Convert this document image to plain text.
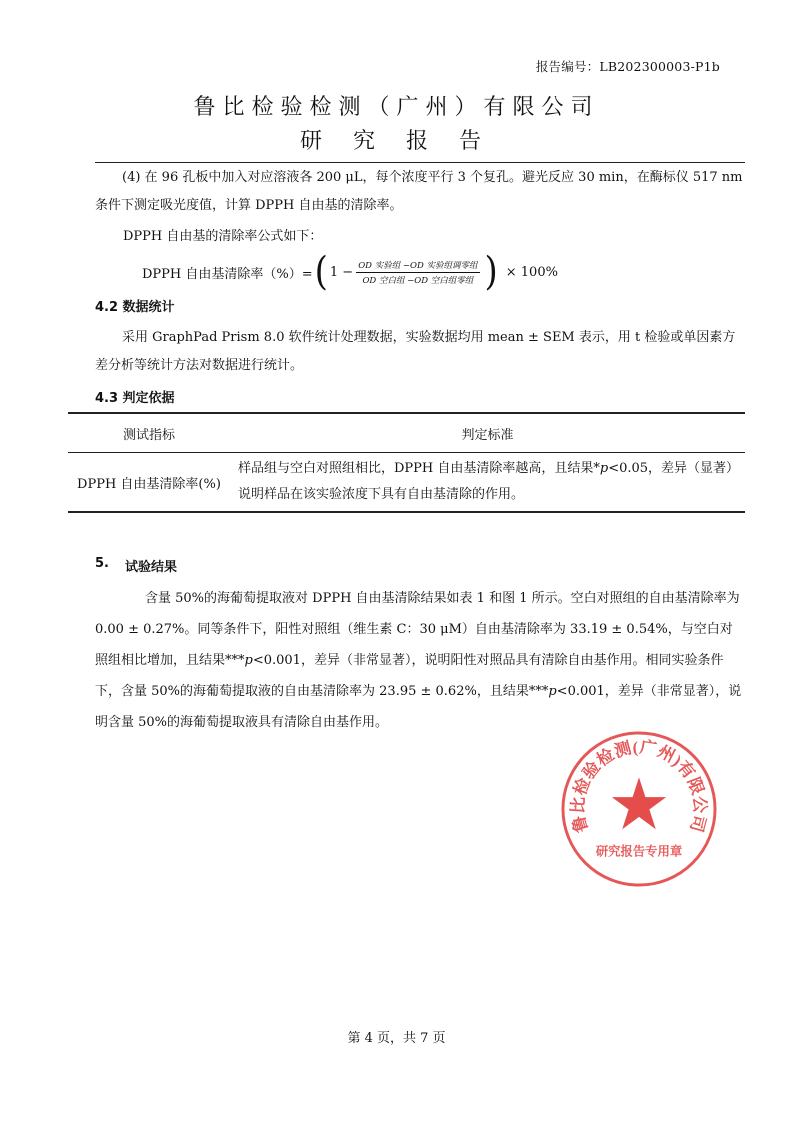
报告编号：LB202300003-P1b
鲁比检验检测（广州）有限公司
研 究 报 告
(4) 在 96 孔板中加入对应溶液各 200 μL，每个浓度平行 3 个复孔。避光反应 30 min，在酶标仪 517 nm 条件下测定吸光度值，计算 DPPH 自由基的清除率。
DPPH 自由基的清除率公式如下：
DPPH 自由基清除率（%）= ( $1 - \frac{\text{OD 实验组 −OD 实验组调零组}}{\text{OD 空白组 −OD 空白组零组}}$ ) × 100%
4.2 数据统计
采用 GraphPad Prism 8.0 软件统计处理数据，实验数据均用 mean ± SEM 表示，用 t 检验或单因素方差分析等统计方法对数据进行统计。
4.3 判定依据
测试指标	判定标准
DPPH 自由基清除率(%)	样品组与空白对照组相比，DPPH 自由基清除率越高，且结果*p<0.05，差异（显著）说明样品在该实验浓度下具有自由基清除的作用。
5. 试验结果
含量 50%的海葡萄提取液对 DPPH 自由基清除结果如表 1 和图 1 所示。空白对照组的自由基清除率为 0.00 ± 0.27%。同等条件下，阳性对照组（维生素 C：30 μM）自由基清除率为 33.19 ± 0.54%，与空白对照组相比增加，且结果***p<0.001，差异（非常显著），说明阳性对照品具有清除自由基作用。相同实验条件下，含量 50%的海葡萄提取液的自由基清除率为 23.95 ± 0.62%，且结果***p<0.001，差异（非常显著），说明含量 50%的海葡萄提取液具有清除自由基作用。
鲁比检验检测(广州)有限公司
研究报告专用章
第 4 页，共 7 页
